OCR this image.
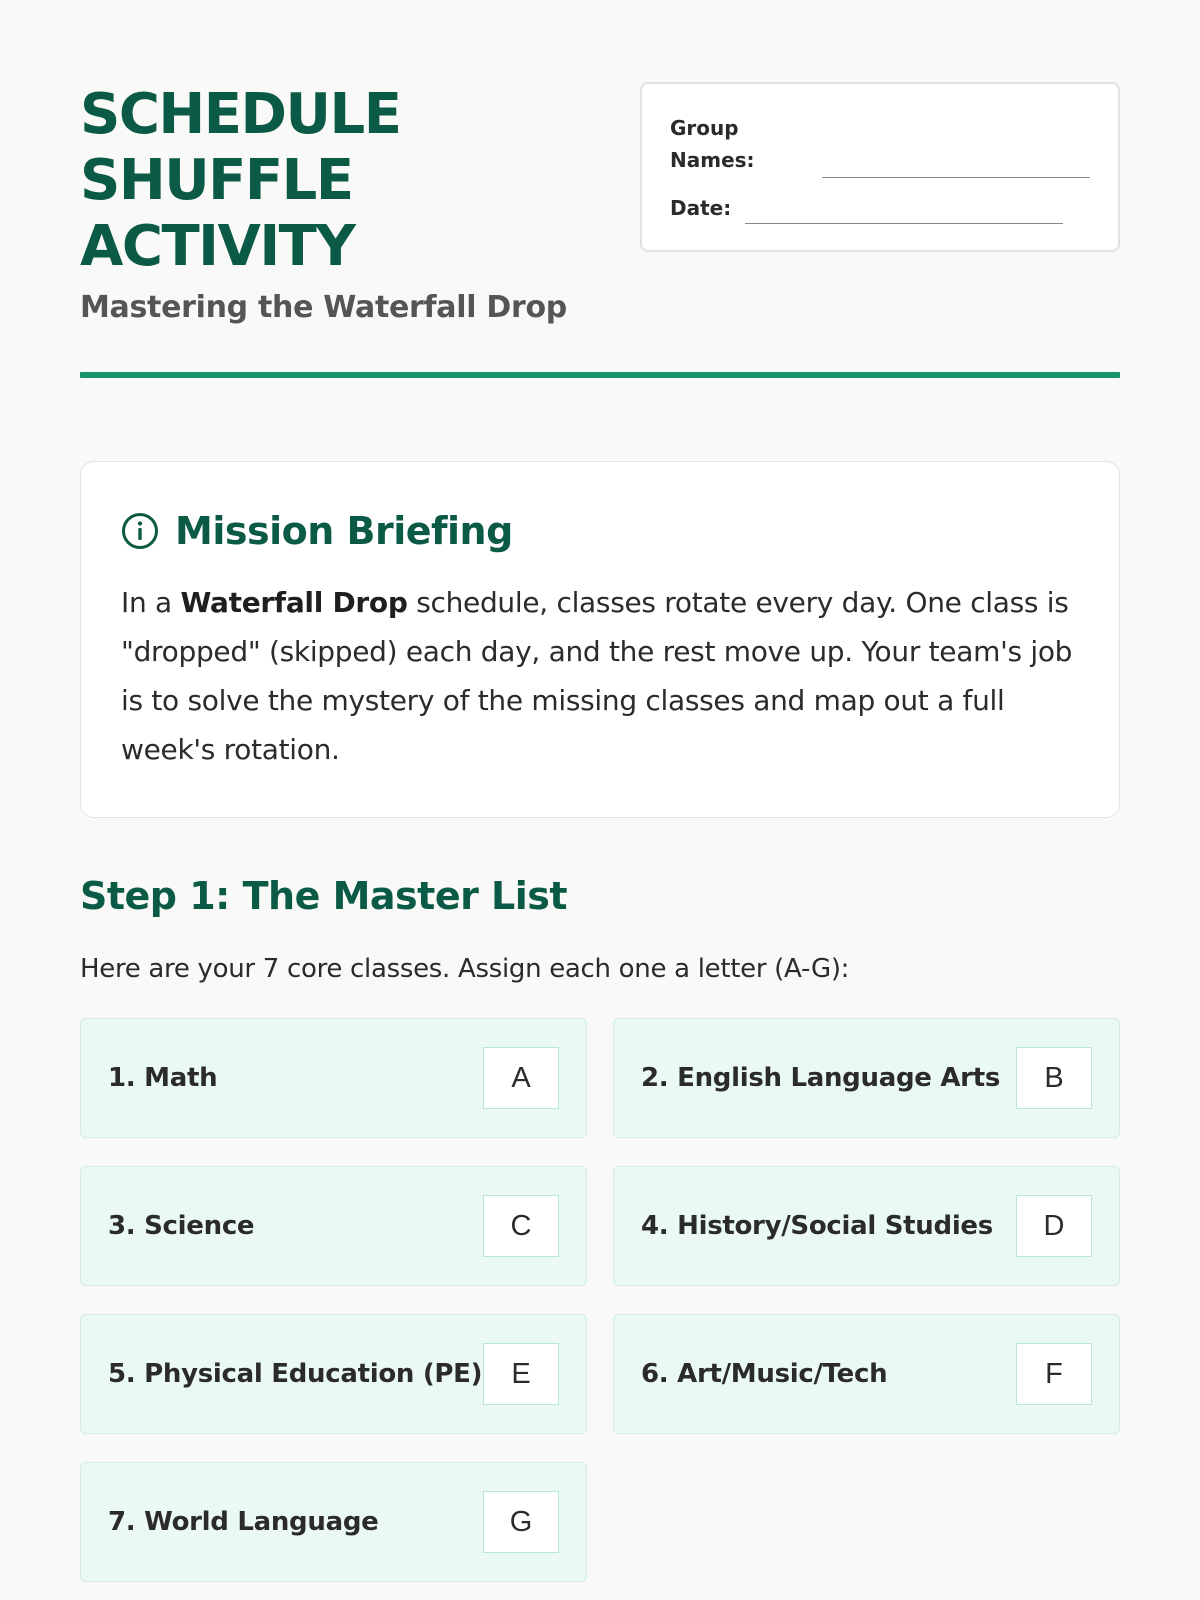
SCHEDULE
SHUFFLE
ACTIVITY
Mastering the Waterfall Drop
Group Names:
Date:
Mission Briefing

In a Waterfall Drop schedule, classes rotate every day. One class is "dropped" (skipped) each day, and the rest move up. Your team's job is to solve the mystery of the missing classes and map out a full week's rotation.

Step 1: The Master List

Here are your 7 core classes. Assign each one a letter (A-G):

1. Math	A	2. English Language Arts	B
3. Science	C	4. History/Social Studies	D
5. Physical Education (PE)	E	6. Art/Music/Tech	F
7. World Language	G
